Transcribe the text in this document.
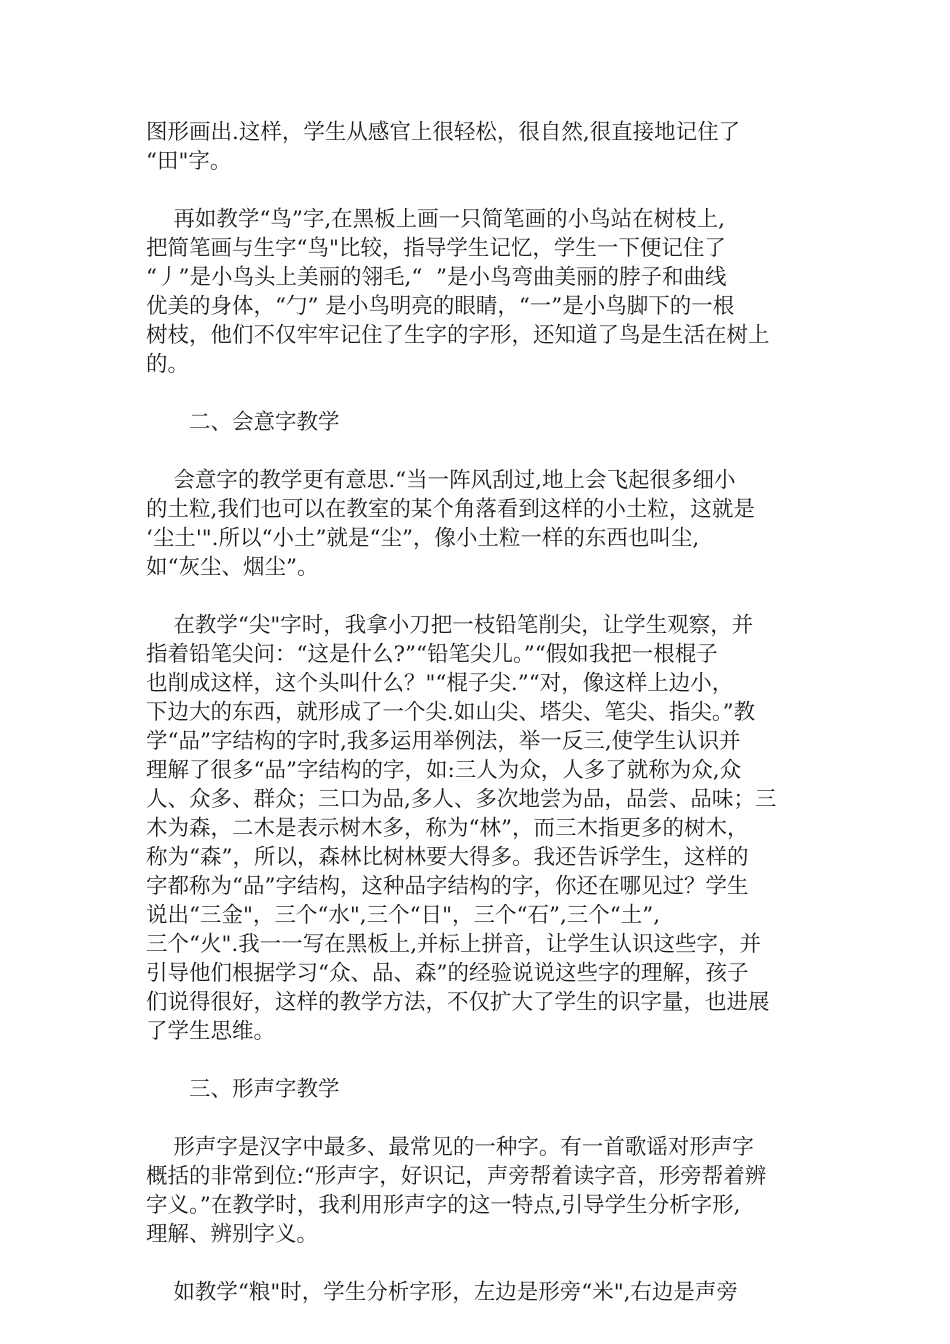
图形画出.这样，学生从感官上很轻松，很自然,很直接地记住了
“田"字。
再如教学“鸟”字,在黑板上画一只简笔画的小鸟站在树枝上,
把简笔画与生字“鸟"比较，指导学生记忆，学生一下便记住了
“丿”是小鸟头上美丽的翎毛,“  ”是小鸟弯曲美丽的脖子和曲线
优美的身体，“勹” 是小鸟明亮的眼睛，“一”是小鸟脚下的一根
树枝，他们不仅牢牢记住了生字的字形，还知道了鸟是生活在树上
的。
二、会意字教学
会意字的教学更有意思.“当一阵风刮过,地上会飞起很多细小
的土粒,我们也可以在教室的某个角落看到这样的小土粒，这就是
‘尘土'".所以“小土”就是“尘”，像小土粒一样的东西也叫尘,
如“灰尘、烟尘”。
在教学“尖"字时，我拿小刀把一枝铅笔削尖，让学生观察，并
指着铅笔尖问：“这是什么?”“铅笔尖儿。”“假如我把一根棍子
也削成这样，这个头叫什么？"“棍子尖.”“对，像这样上边小，
下边大的东西，就形成了一个尖.如山尖、塔尖、笔尖、指尖。”教
学“品”字结构的字时,我多运用举例法，举一反三,使学生认识并
理解了很多“品”字结构的字，如:三人为众，人多了就称为众,众
人、众多、群众；三口为品,多人、多次地尝为品，品尝、品味；三
木为森，二木是表示树木多，称为“林”，而三木指更多的树木，
称为“森”，所以，森林比树林要大得多。我还告诉学生，这样的
字都称为“品”字结构，这种品字结构的字，你还在哪见过？学生
说出“三金"，三个“水",三个“日"，三个“石”,三个“土”,
三个“火".我一一写在黑板上,并标上拼音，让学生认识这些字，并
引导他们根据学习“众、品、森”的经验说说这些字的理解，孩子
们说得很好，这样的教学方法，不仅扩大了学生的识字量，也进展
了学生思维。
三、形声字教学
形声字是汉字中最多、最常见的一种字。有一首歌谣对形声字
概括的非常到位:“形声字，好识记，声旁帮着读字音，形旁帮着辨
字义。”在教学时，我利用形声字的这一特点,引导学生分析字形,
理解、辨别字义。
如教学“粮"时，学生分析字形，左边是形旁“米",右边是声旁
